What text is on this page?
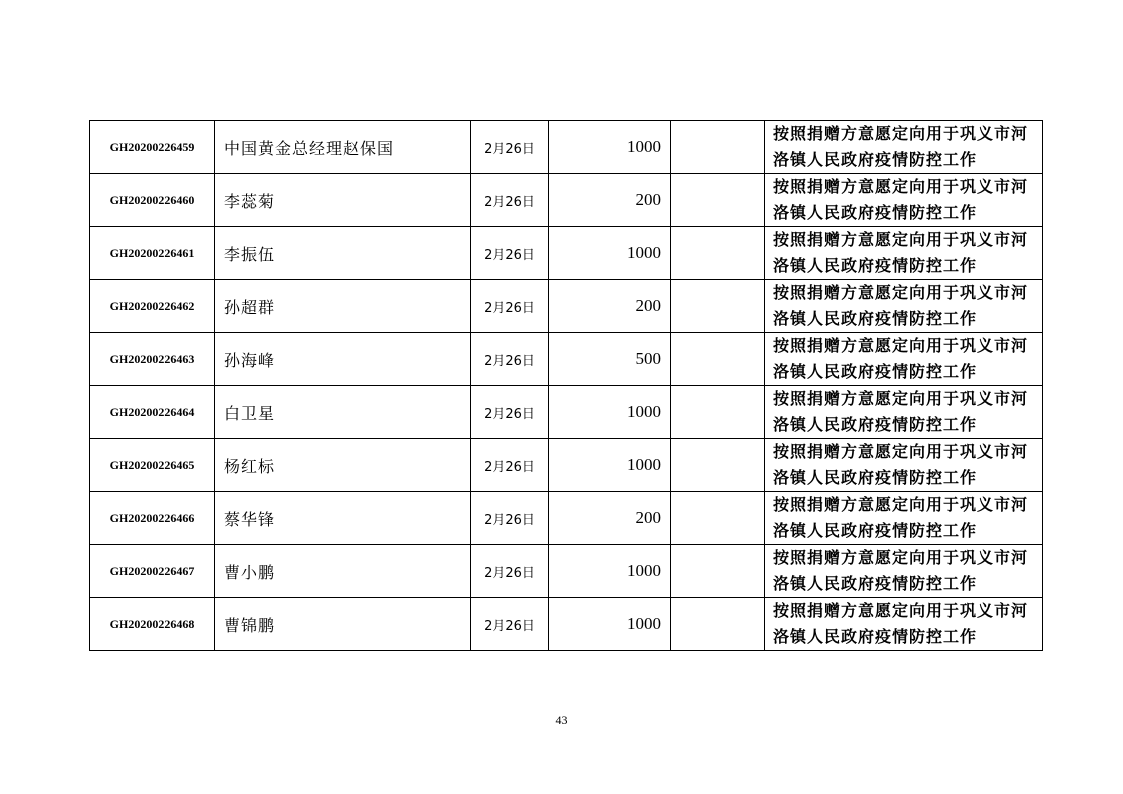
GH20200226459	中国黄金总经理赵保国	2月26日	1000		按照捐赠方意愿定向用于巩义市河洛镇人民政府疫情防控工作
GH20200226460	李蕊菊	2月26日	200		按照捐赠方意愿定向用于巩义市河洛镇人民政府疫情防控工作
GH20200226461	李振伍	2月26日	1000		按照捐赠方意愿定向用于巩义市河洛镇人民政府疫情防控工作
GH20200226462	孙超群	2月26日	200		按照捐赠方意愿定向用于巩义市河洛镇人民政府疫情防控工作
GH20200226463	孙海峰	2月26日	500		按照捐赠方意愿定向用于巩义市河洛镇人民政府疫情防控工作
GH20200226464	白卫星	2月26日	1000		按照捐赠方意愿定向用于巩义市河洛镇人民政府疫情防控工作
GH20200226465	杨红标	2月26日	1000		按照捐赠方意愿定向用于巩义市河洛镇人民政府疫情防控工作
GH20200226466	蔡华锋	2月26日	200		按照捐赠方意愿定向用于巩义市河洛镇人民政府疫情防控工作
GH20200226467	曹小鹏	2月26日	1000		按照捐赠方意愿定向用于巩义市河洛镇人民政府疫情防控工作
GH20200226468	曹锦鹏	2月26日	1000		按照捐赠方意愿定向用于巩义市河洛镇人民政府疫情防控工作
43
